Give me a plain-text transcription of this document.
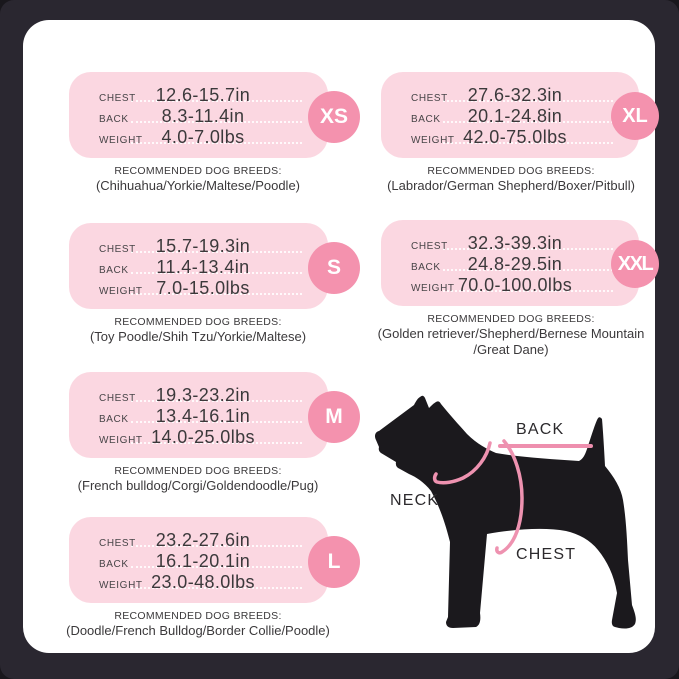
CHEST	12.6-15.7in
BACK	8.3-11.4in
WEIGHT	4.0-7.0lbs
XS
RECOMMENDED DOG BREEDS:
(Chihuahua/Yorkie/Maltese/Poodle)
CHEST	15.7-19.3in
BACK	11.4-13.4in
WEIGHT 7.0-15.0lbs
S
RECOMMENDED DOG BREEDS:
(Toy Poodle/Shih Tzu/Yorkie/Maltese)
CHEST	19.3-23.2in
BACK	13.4-16.1in
WEIGHT 14.0-25.0lbs
M
RECOMMENDED DOG BREEDS:
(French bulldog/Corgi/Goldendoodle/Pug)
CHEST	23.2-27.6in
BACK	16.1-20.1in
WEIGHT 23.0-48.0lbs
L
RECOMMENDED DOG BREEDS:
(Doodle/French Bulldog/Border Collie/Poodle)
CHEST	27.6-32.3in
BACK	20.1-24.8in
WEIGHT 42.0-75.0lbs
XL
RECOMMENDED DOG BREEDS:
(Labrador/German Shepherd/Boxer/Pitbull)
CHEST	32.3-39.3in
BACK	24.8-29.5in
WEIGHT 70.0-100.0lbs
XXL
RECOMMENDED DOG BREEDS:
(Golden retriever/Shepherd/Bernese Mountain
/Great Dane)
BACK
NECK
CHEST
